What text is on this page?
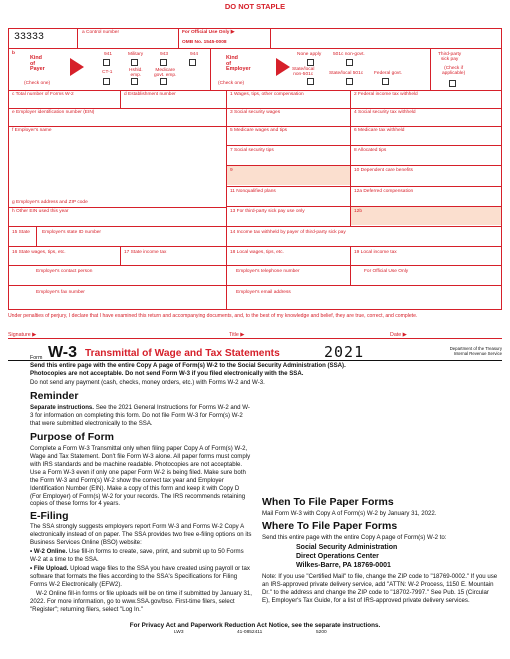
DO NOT STAPLE
33333	a Control number	For Official Use Only ▶
OMB No. 1545-0008
b
Kind
of
Payer
(Check one)
941	Military	943	944
CT-1	Hshld.
emp.
Medicare
govt. emp.
Kind
of
Employer
(Check one)
None apply 501c non-govt.
State/local
non-501c	State/local 501c Federal govt.
Third-party
sick pay
(Check if
applicable)
c Total number of Forms W-2	d Establishment number
e Employer identification number (EIN)
f Employer's name
g Employer's address and ZIP code
h Other EIN used this year
1 Wages, tips, other compensation	2 Federal income tax withheld
3 Social security wages	4 Social security tax withheld
5 Medicare wages and tips	6 Medicare tax withheld
7 Social security tips	8 Allocated tips
9	10 Dependent care benefits
11 Nonqualified plans	12a Deferred compensation
13 For third-party sick pay use only	12b
15 State	Employer's state ID number	14 Income tax withheld by payer of third-party sick pay
16 State wages, tips, etc.	17 State income tax	18 Local wages, tips, etc.	19 Local income tax
Employer's contact person	Employer's telephone number	For Official Use Only
Employer's fax number	Employer's email address
Under penalties of perjury, I declare that I have examined this return and accompanying documents, and, to the best of my knowledge and belief, they are true, correct, and complete.
Signature ▶	Title ▶	Date ▶
Form W-3 Transmittal of Wage and Tax Statements	2021	Department of the Treasury
Internal Revenue Service
Send this entire page with the entire Copy A page of Form(s) W-2 to the Social Security Administration (SSA).
Photocopies are not acceptable. Do not send Form W-3 if you filed electronically with the SSA.
Do not send any payment (cash, checks, money orders, etc.) with Forms W-2 and W-3.
Reminder
Separate instructions. See the 2021 General Instructions for Forms W-2 and W-3 for information on completing this form. Do not file Form W-3 for Form(s) W-2 that were submitted electronically to the SSA.
Purpose of Form
Complete a Form W-3 Transmittal only when filing paper Copy A of Form(s) W-2, Wage and Tax Statement. Don't file Form W-3 alone. All paper forms must comply with IRS standards and be machine readable. Photocopies are not acceptable. Use a Form W-3 even if only one paper Form W-2 is being filed. Make sure both the Form W-3 and Form(s) W-2 show the correct tax year and Employer Identification Number (EIN). Make a copy of this form and keep it with Copy D (For Employer) of Form(s) W-2 for your records. The IRS recommends retaining copies of these forms for 4 years.
E-Filing
The SSA strongly suggests employers report Form W-3 and Forms W-2 Copy A electronically instead of on paper. The SSA provides two free e-filing options on its Business Services Online (BSO) website:
• W-2 Online. Use fill-in forms to create, save, print, and submit up to 50 Forms W-2 at a time to the SSA.
• File Upload. Upload wage files to the SSA you have created using payroll or tax software that formats the files according to the SSA's Specifications for Filing Forms W-2 Electronically (EFW2).
W-2 Online fill-in forms or file uploads will be on time if submitted by January 31, 2022. For more information, go to www.SSA.gov/bso. First-time filers, select "Register"; returning filers, select "Log In."
When To File Paper Forms
Mail Form W-3 with Copy A of Form(s) W-2 by January 31, 2022.
Where To File Paper Forms
Send this entire page with the entire Copy A page of Form(s) W-2 to:
Social Security Administration
Direct Operations Center
Wilkes-Barre, PA 18769-0001
Note: If you use "Certified Mail" to file, change the ZIP code to "18769-0002." If you use an IRS-approved private delivery service, add "ATTN: W-2 Process, 1150 E. Mountain Dr." to the address and change the ZIP code to "18702-7997." See Pub. 15 (Circular E), Employer's Tax Guide, for a list of IRS-approved private delivery services.
For Privacy Act and Paperwork Reduction Act Notice, see the separate instructions.
LW3	41-0852411	5200
